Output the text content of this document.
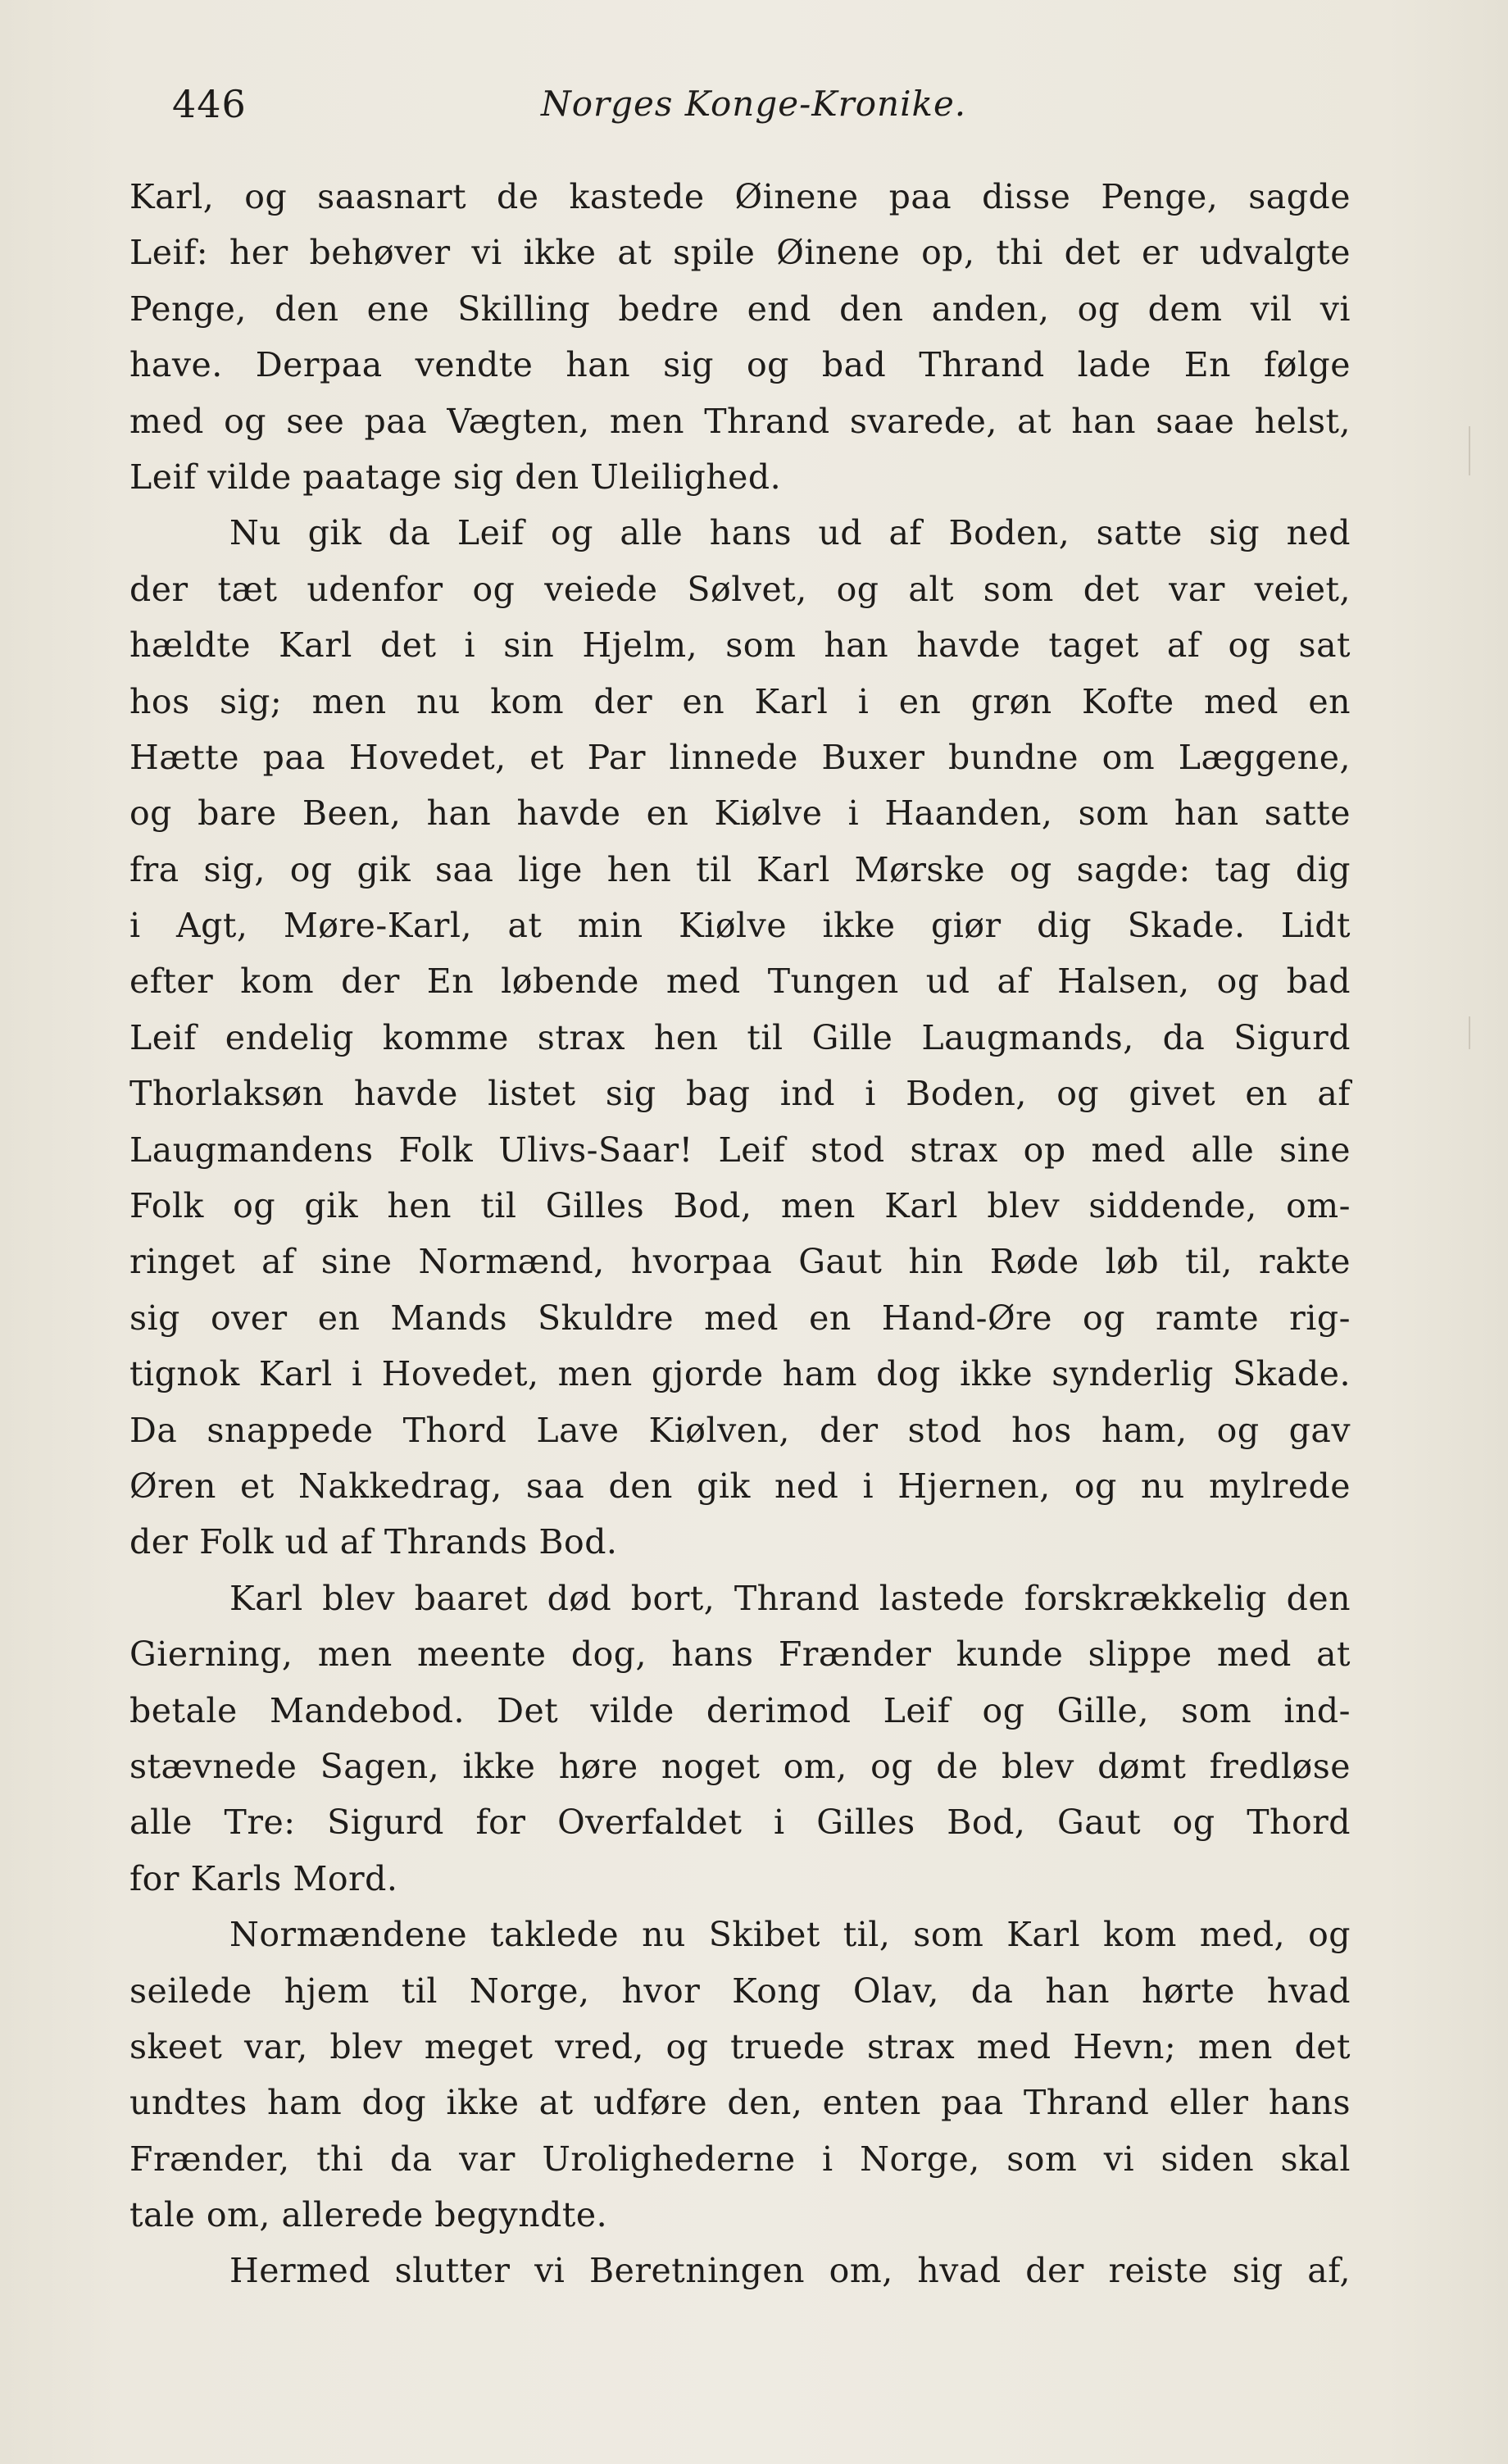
446	Norges Konge-Kronike.
Karl, og saasnart de kastede Øinene paa disse Penge, sagde
Leif: her behøver vi ikke at spile Øinene op, thi det er udvalgte
Penge, den ene Skilling bedre end den anden, og dem vil vi
have. Derpaa vendte han sig og bad Thrand lade En følge
med og see paa Vægten, men Thrand svarede, at han saae helst,
Leif vilde paatage sig den Uleilighed.
Nu gik da Leif og alle hans ud af Boden, satte sig ned
der tæt udenfor og veiede Sølvet, og alt som det var veiet,
hældte Karl det i sin Hjelm, som han havde taget af og sat
hos sig; men nu kom der en Karl i en grøn Kofte med en
Hætte paa Hovedet, et Par linnede Buxer bundne om Læggene,
og bare Been, han havde en Kiølve i Haanden, som han satte
fra sig, og gik saa lige hen til Karl Mørske og sagde: tag dig
i Agt, Møre-Karl, at min Kiølve ikke giør dig Skade. Lidt
efter kom der En løbende med Tungen ud af Halsen, og bad
Leif endelig komme strax hen til Gille Laugmands, da Sigurd
Thorlaksøn havde listet sig bag ind i Boden, og givet en af
Laugmandens Folk Ulivs-Saar! Leif stod strax op med alle sine
Folk og gik hen til Gilles Bod, men Karl blev siddende, om-
ringet af sine Normænd, hvorpaa Gaut hin Røde løb til, rakte
sig over en Mands Skuldre med en Hand-Øre og ramte rig-
tignok Karl i Hovedet, men gjorde ham dog ikke synderlig Skade.
Da snappede Thord Lave Kiølven, der stod hos ham, og gav
Øren et Nakkedrag, saa den gik ned i Hjernen, og nu mylrede
der Folk ud af Thrands Bod.
Karl blev baaret død bort, Thrand lastede forskrækkelig den
Gierning, men meente dog, hans Frænder kunde slippe med at
betale Mandebod. Det vilde derimod Leif og Gille, som ind-
stævnede Sagen, ikke høre noget om, og de blev dømt fredløse
alle Tre: Sigurd for Overfaldet i Gilles Bod, Gaut og Thord
for Karls Mord.
Normændene taklede nu Skibet til, som Karl kom med, og
seilede hjem til Norge, hvor Kong Olav, da han hørte hvad
skeet var, blev meget vred, og truede strax med Hevn; men det
undtes ham dog ikke at udføre den, enten paa Thrand eller hans
Frænder, thi da var Urolighederne i Norge, som vi siden skal
tale om, allerede begyndte.
Hermed slutter vi Beretningen om, hvad der reiste sig af,
